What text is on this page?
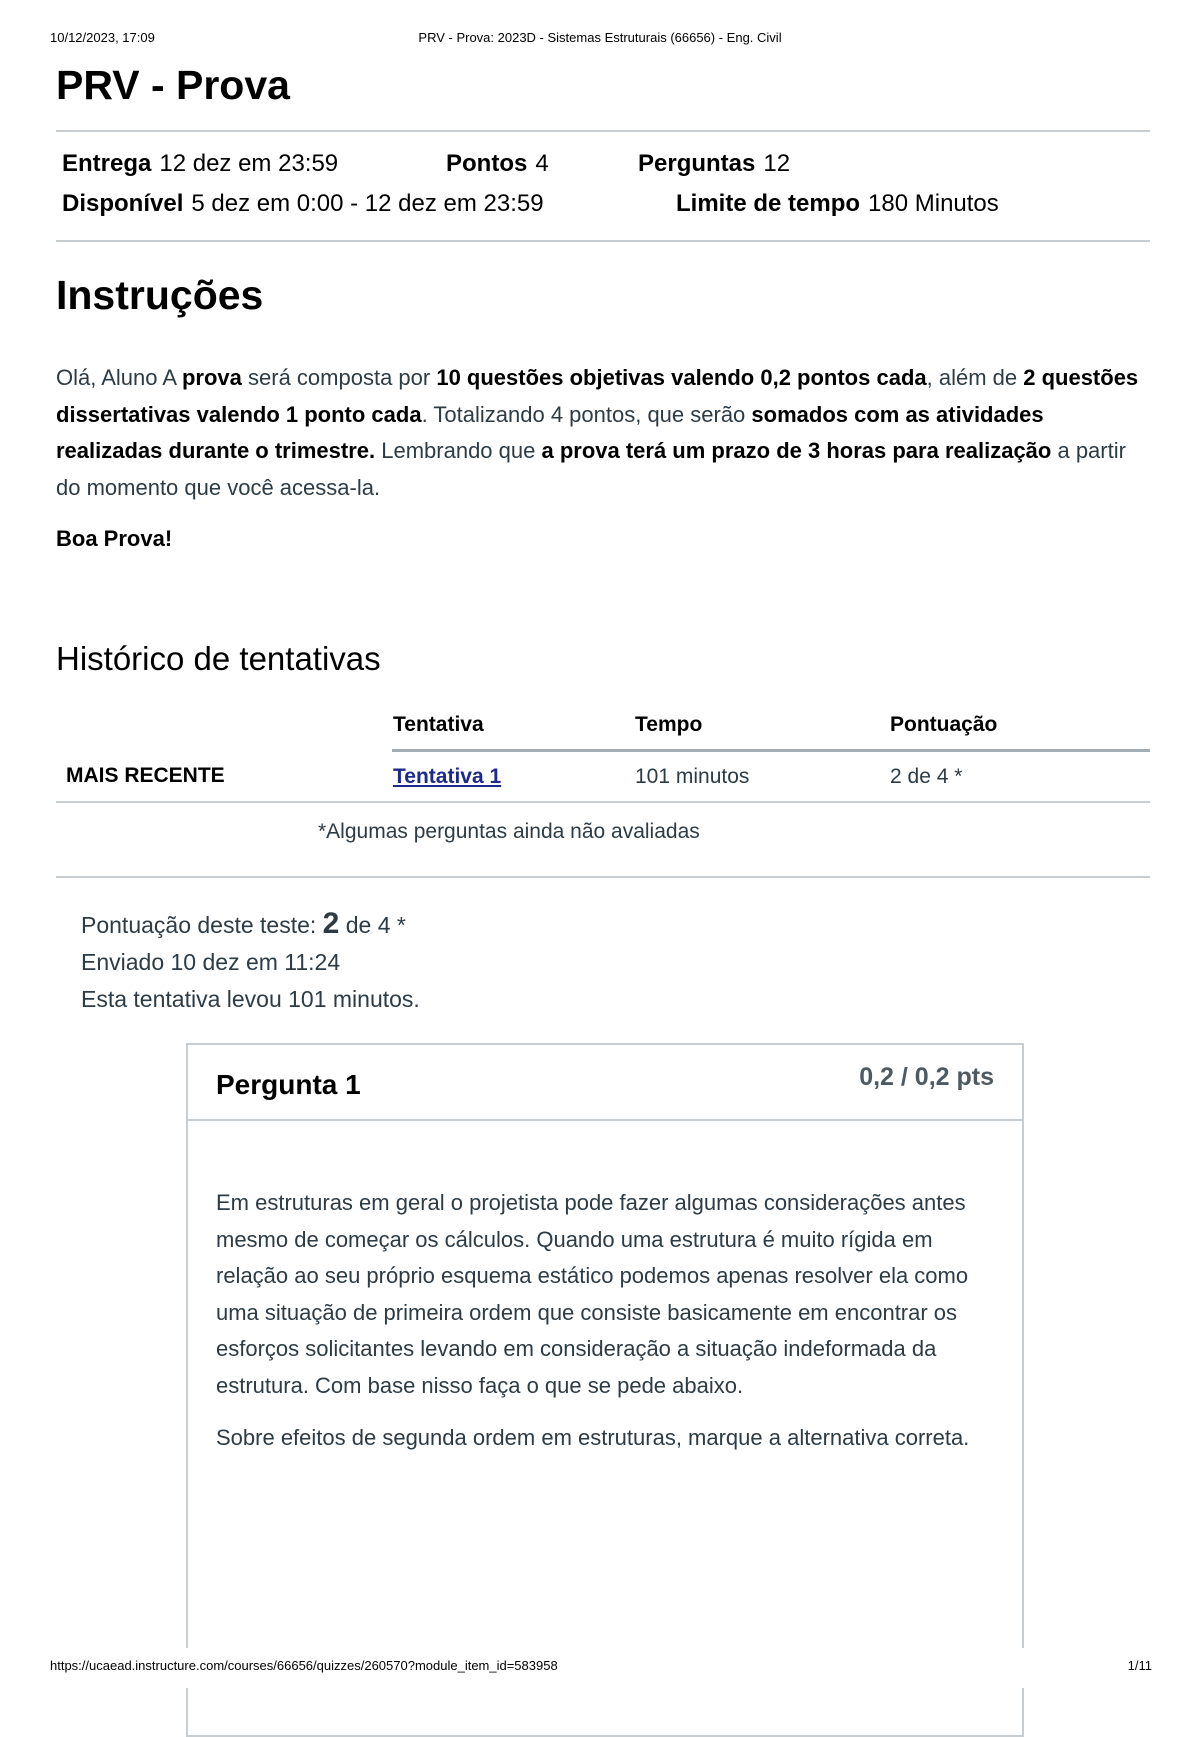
10/12/2023, 17:09	PRV - Prova: 2023D - Sistemas Estruturais (66656) - Eng. Civil
PRV - Prova
Entrega 12 dez em 23:59	Pontos 4	Perguntas 12
Disponível 5 dez em 0:00 - 12 dez em 23:59	Limite de tempo 180 Minutos
Instruções

Olá, Aluno A prova será composta por 10 questões objetivas valendo 0,2 pontos cada, além de 2 questões dissertativas valendo 1 ponto cada. Totalizando 4 pontos, que serão somados com as atividades realizadas durante o trimestre. Lembrando que a prova terá um prazo de 3 horas para realização a partir do momento que você acessa-la.

Boa Prova!

Histórico de tentativas
	Tentativa	Tempo	Pontuação
MAIS RECENTE	Tentativa 1	101 minutos	2 de 4 *
*Algumas perguntas ainda não avaliadas
Pontuação deste teste: 2 de 4 *
Enviado 10 dez em 11:24
Esta tentativa levou 101 minutos.
Pergunta 1	0,2 / 0,2 pts

Em estruturas em geral o projetista pode fazer algumas considerações antes mesmo de começar os cálculos. Quando uma estrutura é muito rígida em relação ao seu próprio esquema estático podemos apenas resolver ela como uma situação de primeira ordem que consiste basicamente em encontrar os esforços solicitantes levando em consideração a situação indeformada da estrutura. Com base nisso faça o que se pede abaixo.

Sobre efeitos de segunda ordem em estruturas, marque a alternativa correta.

https://ucaead.instructure.com/courses/66656/quizzes/260570?module_item_id=583958	1/11
